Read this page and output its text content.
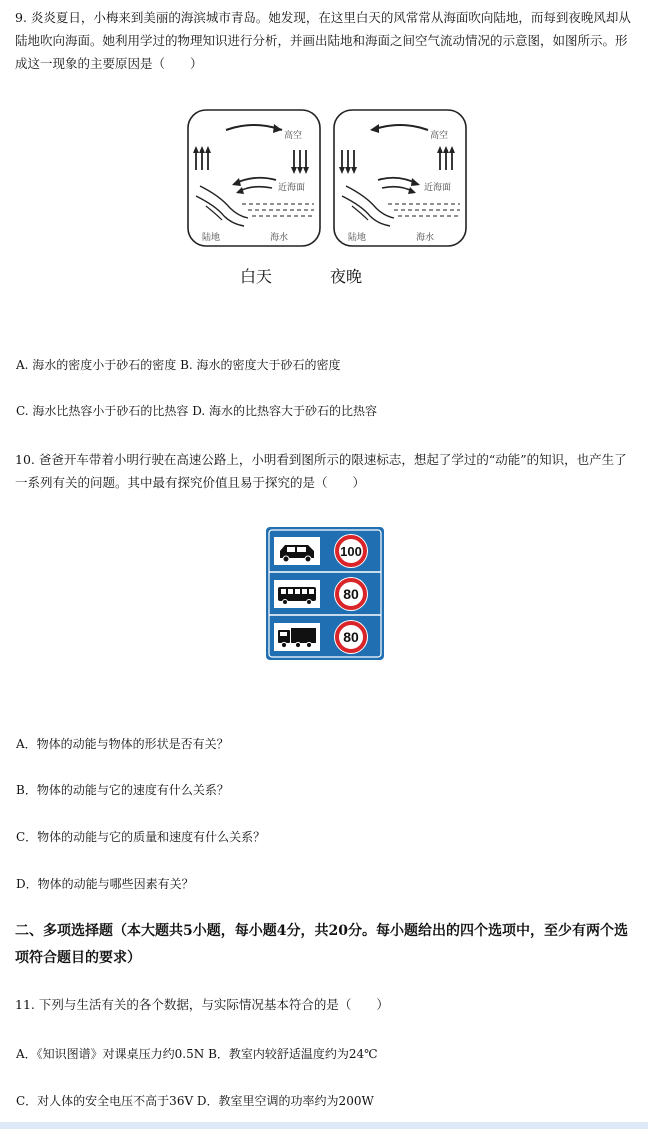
9. 炎炎夏日，小梅来到美丽的海滨城市青岛。她发现，在这里白天的风常常从海面吹向陆地，而每到夜晚风却从陆地吹向海面。她利用学过的物理知识进行分析，并画出陆地和海面之间空气流动情况的示意图，如图所示。形成这一现象的主要原因是（　　）
高空
近海面
陆地	海水
高空
近海面
陆地	海水
白天	夜晚
A. 海水的密度小于砂石的密度 B. 海水的密度大于砂石的密度
C. 海水比热容小于砂石的比热容 D. 海水的比热容大于砂石的比热容
10. 爸爸开车带着小明行驶在高速公路上，小明看到图所示的限速标志，想起了学过的“动能”的知识，也产生了一系列有关的问题。其中最有探究价值且易于探究的是（　　）
100
80
80
A．物体的动能与物体的形状是否有关？
B．物体的动能与它的速度有什么关系？
C．物体的动能与它的质量和速度有什么关系？
D．物体的动能与哪些因素有关？
二、多项选择题（本大题共5小题，每小题4分，共20分。每小题给出的四个选项中，至少有两个选项符合题目的要求）
11. 下列与生活有关的各个数据，与实际情况基本符合的是（　　）
A．《知识图谱》对课桌压力约0.5N B．教室内较舒适温度约为24℃
C．对人体的安全电压不高于36V D．教室里空调的功率约为200W
